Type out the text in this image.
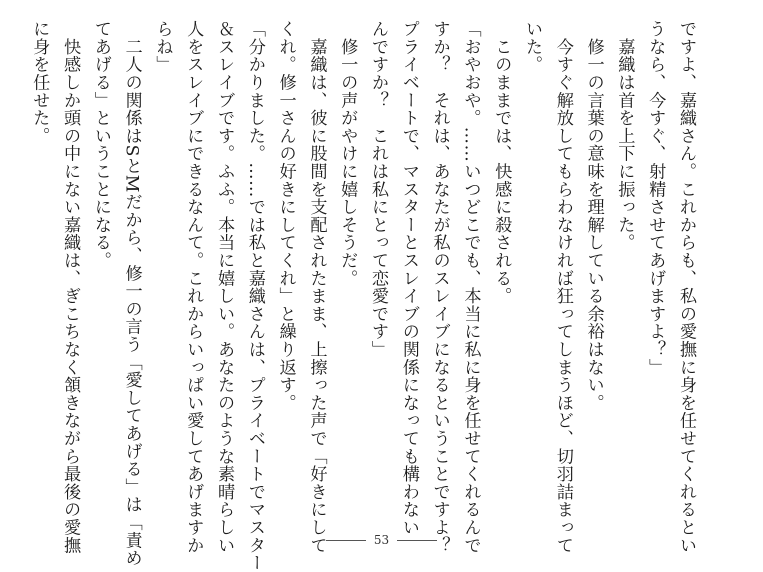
ですよ、嘉織さん。これからも、私の愛撫に身を任せてくれるとい
うなら、今すぐ、射精させてあげますよ？」
　嘉織は首を上下に振った。
　修一の言葉の意味を理解している余裕はない。
　今すぐ解放してもらわなければ狂ってしまうほど、切羽詰まって
いた。
　このままでは、快感に殺される。
「おやおや。……いつどこでも、本当に私に身を任せてくれるんで
すか？　それは、あなたが私のスレイブになるということですよ？
プライベートで、マスターとスレイブの関係になっても構わない
んですか？　これは私にとって恋愛です」
　修一の声がやけに嬉しそうだ。
　嘉織は、彼に股間を支配されたまま、上擦った声で「好きにして
くれ。修一さんの好きにしてくれ」と繰り返す。
「分かりました。……では私と嘉織さんは、プライベートでマスター
＆スレイブです。ふふ。本当に嬉しい。あなたのような素晴らしい
人をスレイブにできるなんて。これからいっぱい愛してあげますか
らね」
　二人の関係はSとMだから、修一の言う「愛してあげる」は「責め
てあげる」ということになる。
　快感しか頭の中にない嘉織は、ぎこちなく頷きながら最後の愛撫
に身を任せた。
53
